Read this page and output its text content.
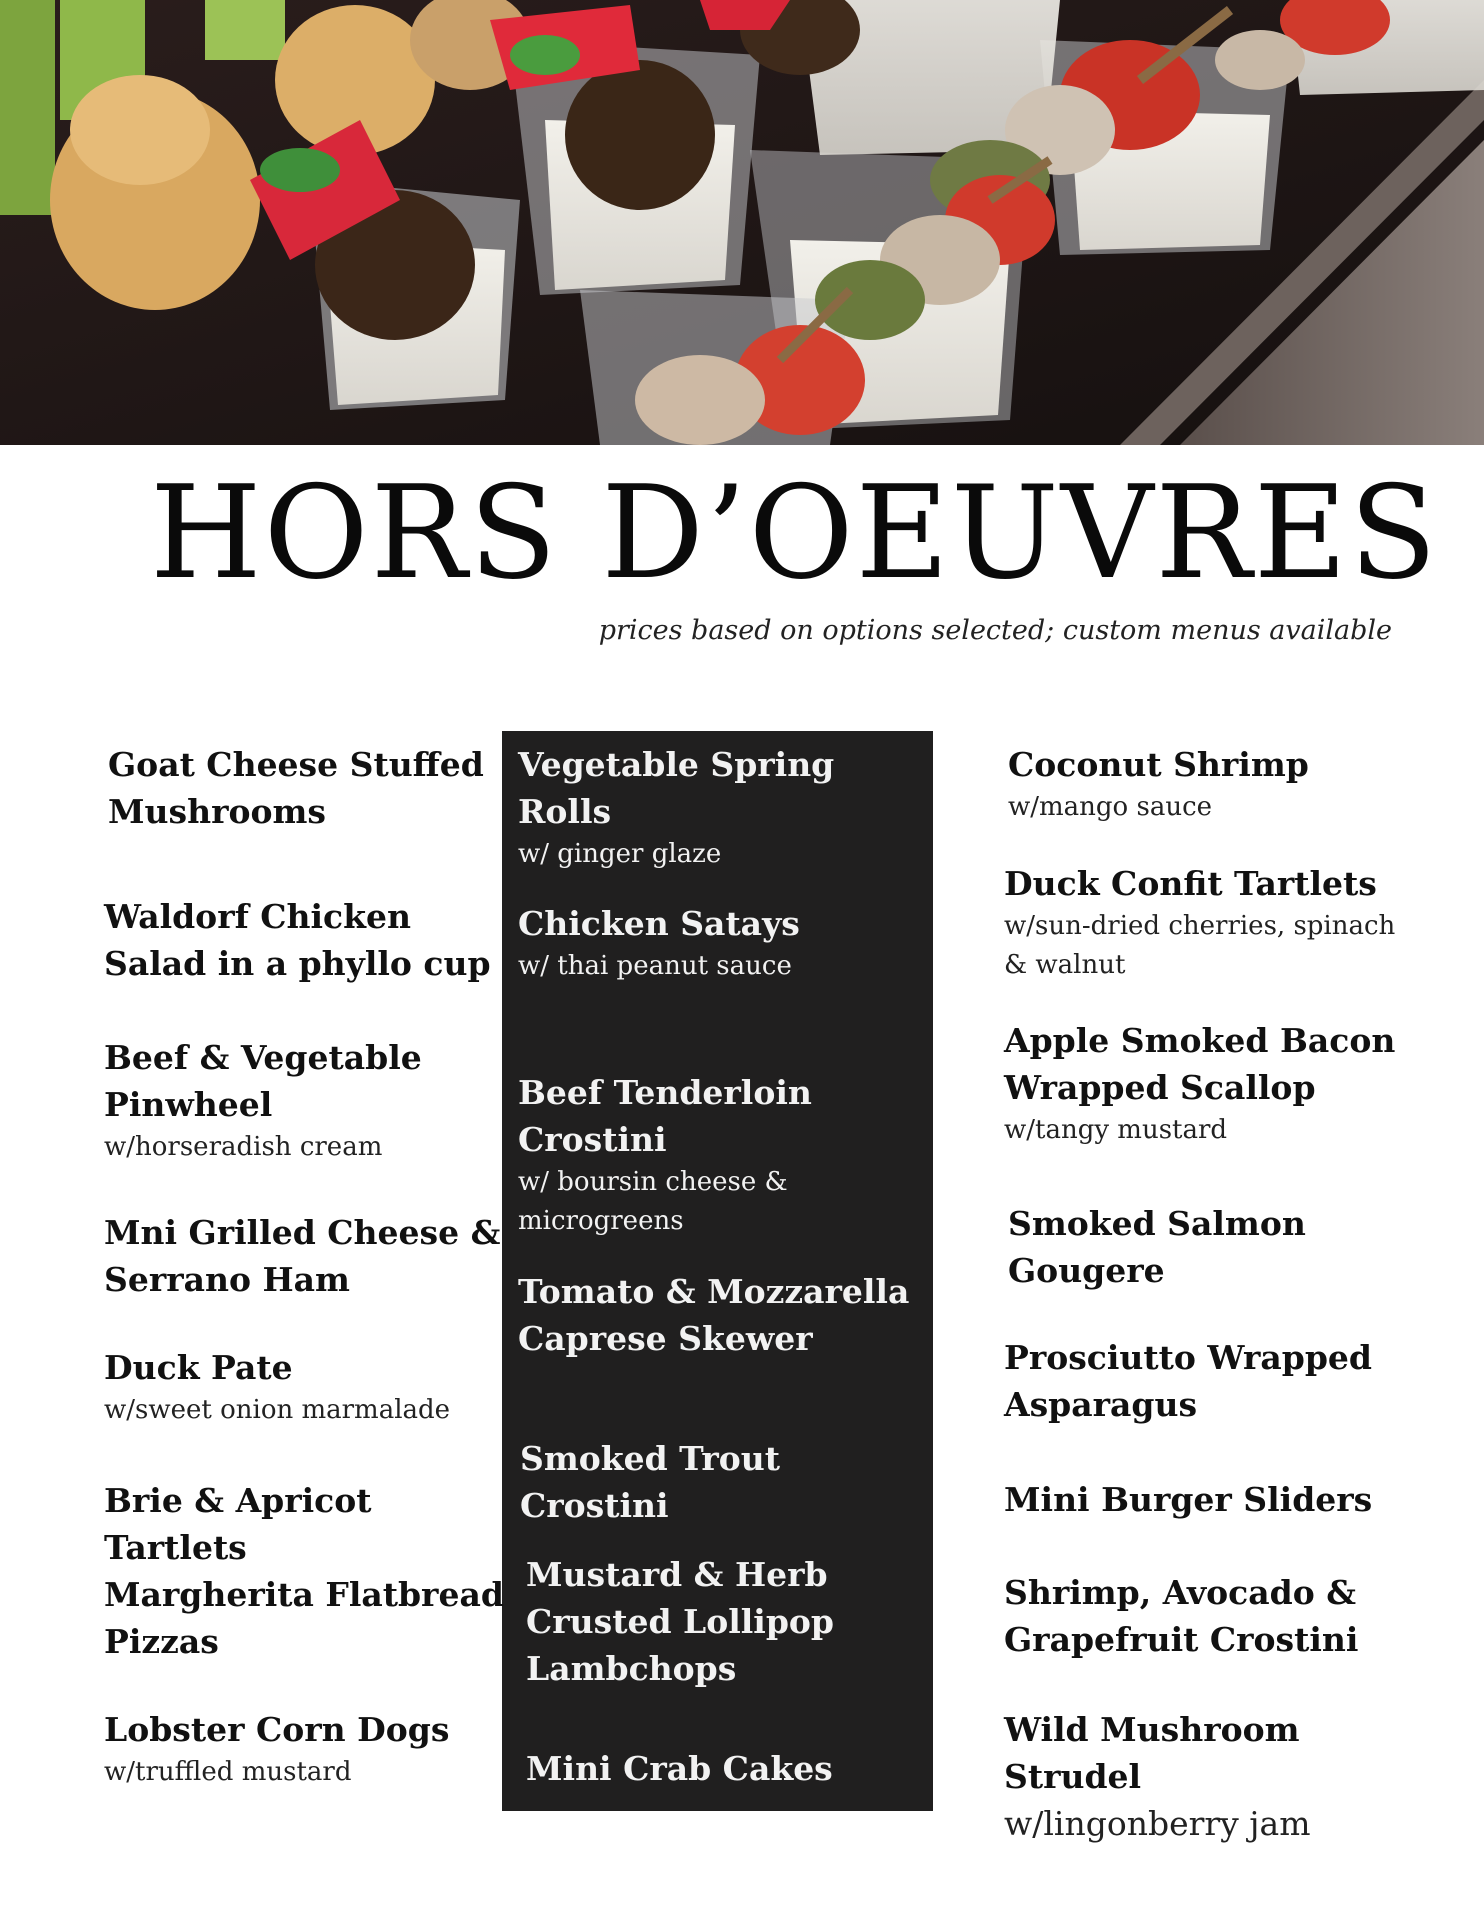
HORS D’OEUVRES
prices based on options selected; custom menus available
Goat Cheese Stuffed Mushrooms
Waldorf Chicken Salad in a phyllo cup
Beef & Vegetable Pinwheel
w/horseradish cream
Mni Grilled Cheese & Serrano Ham
Duck Pate
w/sweet onion marmalade
Brie & Apricot Tartlets
Margherita Flatbread Pizzas
Lobster Corn Dogs
w/truffled mustard
Vegetable Spring Rolls
w/ ginger glaze
Chicken Satays
w/ thai peanut sauce
Beef Tenderloin Crostini
w/ boursin cheese & microgreens
Tomato & Mozzarella Caprese Skewer
Smoked Trout Crostini
Mustard & Herb Crusted Lollipop Lambchops
Mini Crab Cakes
Coconut Shrimp
w/mango sauce
Duck Confit Tartlets
w/sun-dried cherries, spinach & walnut
Apple Smoked Bacon Wrapped Scallop
w/tangy mustard
Smoked Salmon Gougere
Prosciutto Wrapped Asparagus
Mini Burger Sliders
Shrimp, Avocado & Grapefruit Crostini
Wild Mushroom Strudel
w/lingonberry jam
